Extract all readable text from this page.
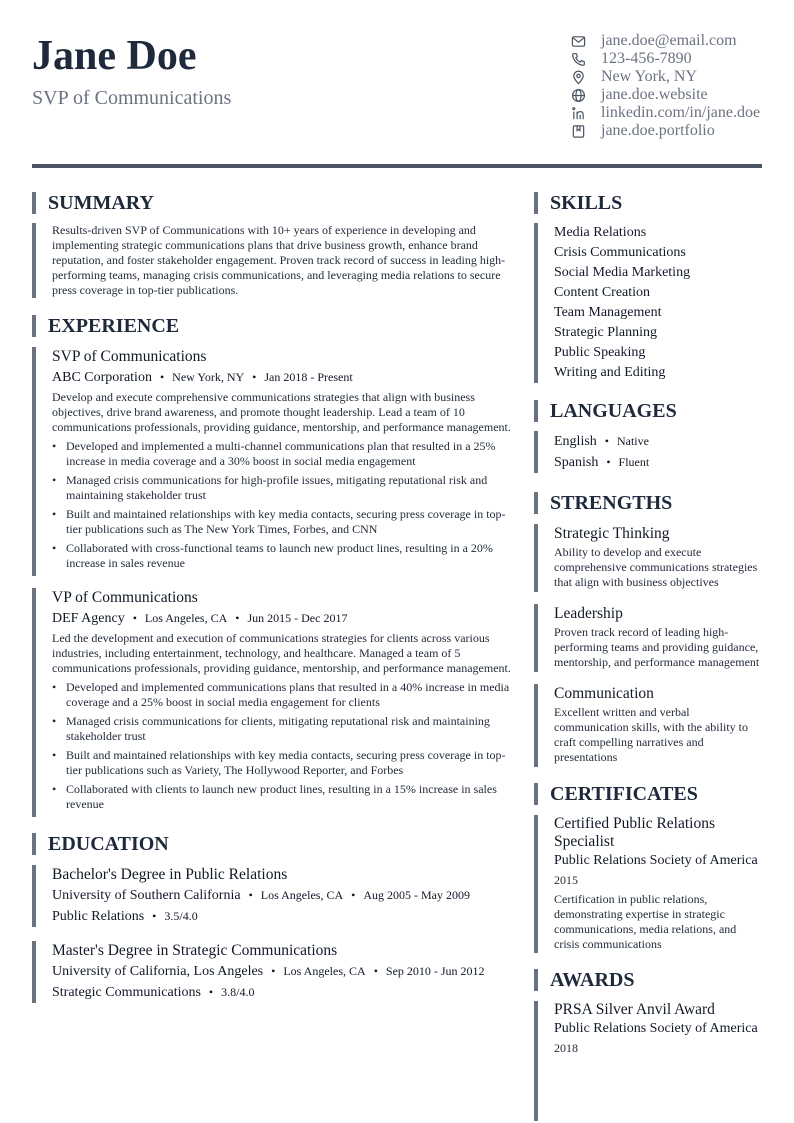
Jane Doe
SVP of Communications
jane.doe@email.com
123-456-7890
New York, NY
jane.doe.website
linkedin.com/in/jane.doe
jane.doe.portfolio
SUMMARY
Results-driven SVP of Communications with 10+ years of experience in developing and implementing strategic communications plans that drive business growth, enhance brand reputation, and foster stakeholder engagement. Proven track record of success in leading high-performing teams, managing crisis communications, and leveraging media relations to secure press coverage in top-tier publications.
EXPERIENCE
SVP of Communications
ABC Corporation • New York, NY • Jan 2018 - Present
Develop and execute comprehensive communications strategies that align with business objectives, drive brand awareness, and promote thought leadership. Lead a team of 10 communications professionals, providing guidance, mentorship, and performance management.
• Developed and implemented a multi-channel communications plan that resulted in a 25% increase in media coverage and a 30% boost in social media engagement
• Managed crisis communications for high-profile issues, mitigating reputational risk and maintaining stakeholder trust
• Built and maintained relationships with key media contacts, securing press coverage in top-tier publications such as The New York Times, Forbes, and CNN
• Collaborated with cross-functional teams to launch new product lines, resulting in a 20% increase in sales revenue
VP of Communications
DEF Agency • Los Angeles, CA • Jun 2015 - Dec 2017
Led the development and execution of communications strategies for clients across various industries, including entertainment, technology, and healthcare. Managed a team of 5 communications professionals, providing guidance, mentorship, and performance management.
• Developed and implemented communications plans that resulted in a 40% increase in media coverage and a 25% boost in social media engagement for clients
• Managed crisis communications for clients, mitigating reputational risk and maintaining stakeholder trust
• Built and maintained relationships with key media contacts, securing press coverage in top-tier publications such as Variety, The Hollywood Reporter, and Forbes
• Collaborated with clients to launch new product lines, resulting in a 15% increase in sales revenue
EDUCATION
Bachelor's Degree in Public Relations
University of Southern California • Los Angeles, CA • Aug 2005 - May 2009
Public Relations • 3.5/4.0
Master's Degree in Strategic Communications
University of California, Los Angeles • Los Angeles, CA • Sep 2010 - Jun 2012
Strategic Communications • 3.8/4.0
SKILLS
Media Relations
Crisis Communications
Social Media Marketing
Content Creation
Team Management
Strategic Planning
Public Speaking
Writing and Editing
LANGUAGES
English • Native
Spanish • Fluent
STRENGTHS
Strategic Thinking
Ability to develop and execute comprehensive communications strategies that align with business objectives
Leadership
Proven track record of leading high-performing teams and providing guidance, mentorship, and performance management
Communication
Excellent written and verbal communication skills, with the ability to craft compelling narratives and presentations
CERTIFICATES
Certified Public Relations Specialist
Public Relations Society of America
2015
Certification in public relations, demonstrating expertise in strategic communications, media relations, and crisis communications
AWARDS
PRSA Silver Anvil Award
Public Relations Society of America
2018
